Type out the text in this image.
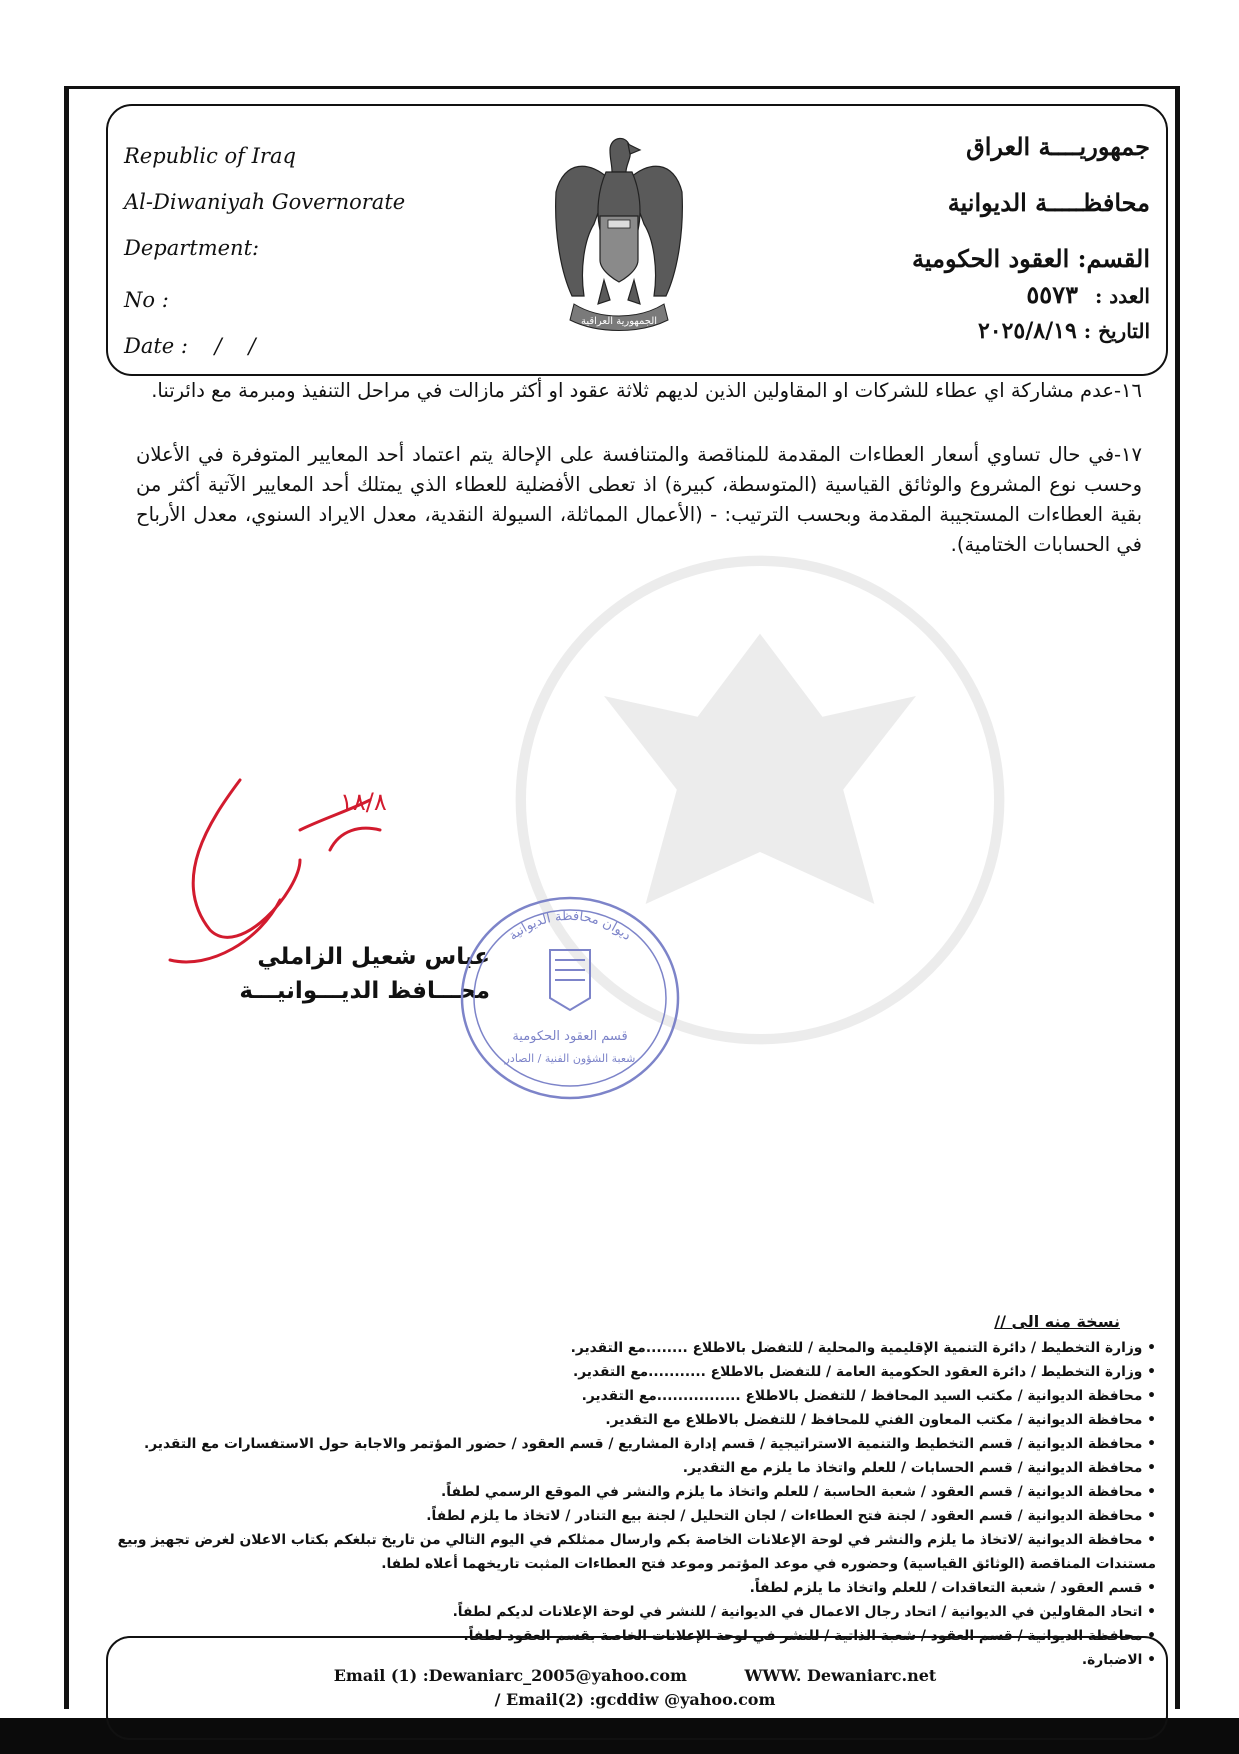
Republic of Iraq
Al-Diwaniyah Governorate
Department:
No :
Date :    /    /
الجمهورية العراقية
جمهوريــــة العراق
محافظـــــة الديوانية
القسم: العقود الحكومية
العدد : ٥٥٧٣
التاريخ : ٢٠٢٥/٨/١٩
١٦-عدم مشاركة اي عطاء للشركات او المقاولين الذين لديهم ثلاثة عقود او أكثر مازالت في مراحل التنفيذ ومبرمة مع دائرتنا.
١٧-في حال تساوي أسعار العطاءات المقدمة للمناقصة والمتنافسة على الإحالة يتم اعتماد أحد المعايير المتوفرة في الأعلان وحسب نوع المشروع والوثائق القياسية (المتوسطة، كبيرة) اذ تعطى الأفضلية للعطاء الذي يمتلك أحد المعايير الآتية أكثر من بقية العطاءات المستجيبة المقدمة وبحسب الترتيب: - (الأعمال المماثلة، السيولة النقدية، معدل الايراد السنوي، معدل الأرباح في الحسابات الختامية).
١٨/٨
عباس شعيل الزاملي
محـــافظ الديـــوانيـــة
ديوان محافظة الديوانية
قسم العقود الحكومية
شعبة الشؤون الفنية / الصادر
نسخة منه الى //

• وزارة التخطيط / دائرة التنمية الإقليمية والمحلية / للتفضل بالاطلاع ........مع التقدير.

• وزارة التخطيط / دائرة العقود الحكومية العامة / للتفضل بالاطلاع ...........مع التقدير.

• محافظة الديوانية / مكتب السيد المحافظ / للتفضل بالاطلاع ................مع التقدير.

• محافظة الديوانية / مكتب المعاون الفني للمحافظ / للتفضل بالاطلاع مع التقدير.

• محافظة الديوانية / قسم التخطيط والتنمية الاستراتيجية / قسم إدارة المشاريع / قسم العقود / حضور المؤتمر والاجابة حول الاستفسارات مع التقدير.

• محافظة الديوانية / قسم الحسابات / للعلم واتخاذ ما يلزم مع التقدير.

• محافظة الديوانية / قسم العقود / شعبة الحاسبة / للعلم واتخاذ ما يلزم والنشر في الموقع الرسمي لطفاً.

• محافظة الديوانية / قسم العقود / لجنة فتح العطاءات / لجان التحليل / لجنة بيع التنادر / لاتخاذ ما يلزم لطفاً.

• محافظة الديوانية /لاتخاذ ما يلزم والنشر في لوحة الإعلانات الخاصة بكم وارسال ممثلكم في اليوم التالي من تاريخ تبلغكم بكتاب الاعلان لغرض تجهيز وبيع مستندات المناقصة (الوثائق القياسية) وحضوره في موعد المؤتمر وموعد فتح العطاءات المثبت تاريخهما أعلاه لطفا.

• قسم العقود / شعبة التعاقدات / للعلم واتخاذ ما يلزم لطفاً.

• اتحاد المقاولين في الديوانية / اتحاد رجال الاعمال في الديوانية / للنشر في لوحة الإعلانات لديكم لطفاً.

• محافظة الديوانية / قسم العقود / شعبة الذاتية / للنشر في لوحة الإعلانات الخاصة بقسم العقود لطفاً.

• الاضبارة.

Email (1) :Dewaniarc_2005@yahoo.com	WWW. Dewaniarc.net
/ Email(2) :gcddiw @yahoo.com
